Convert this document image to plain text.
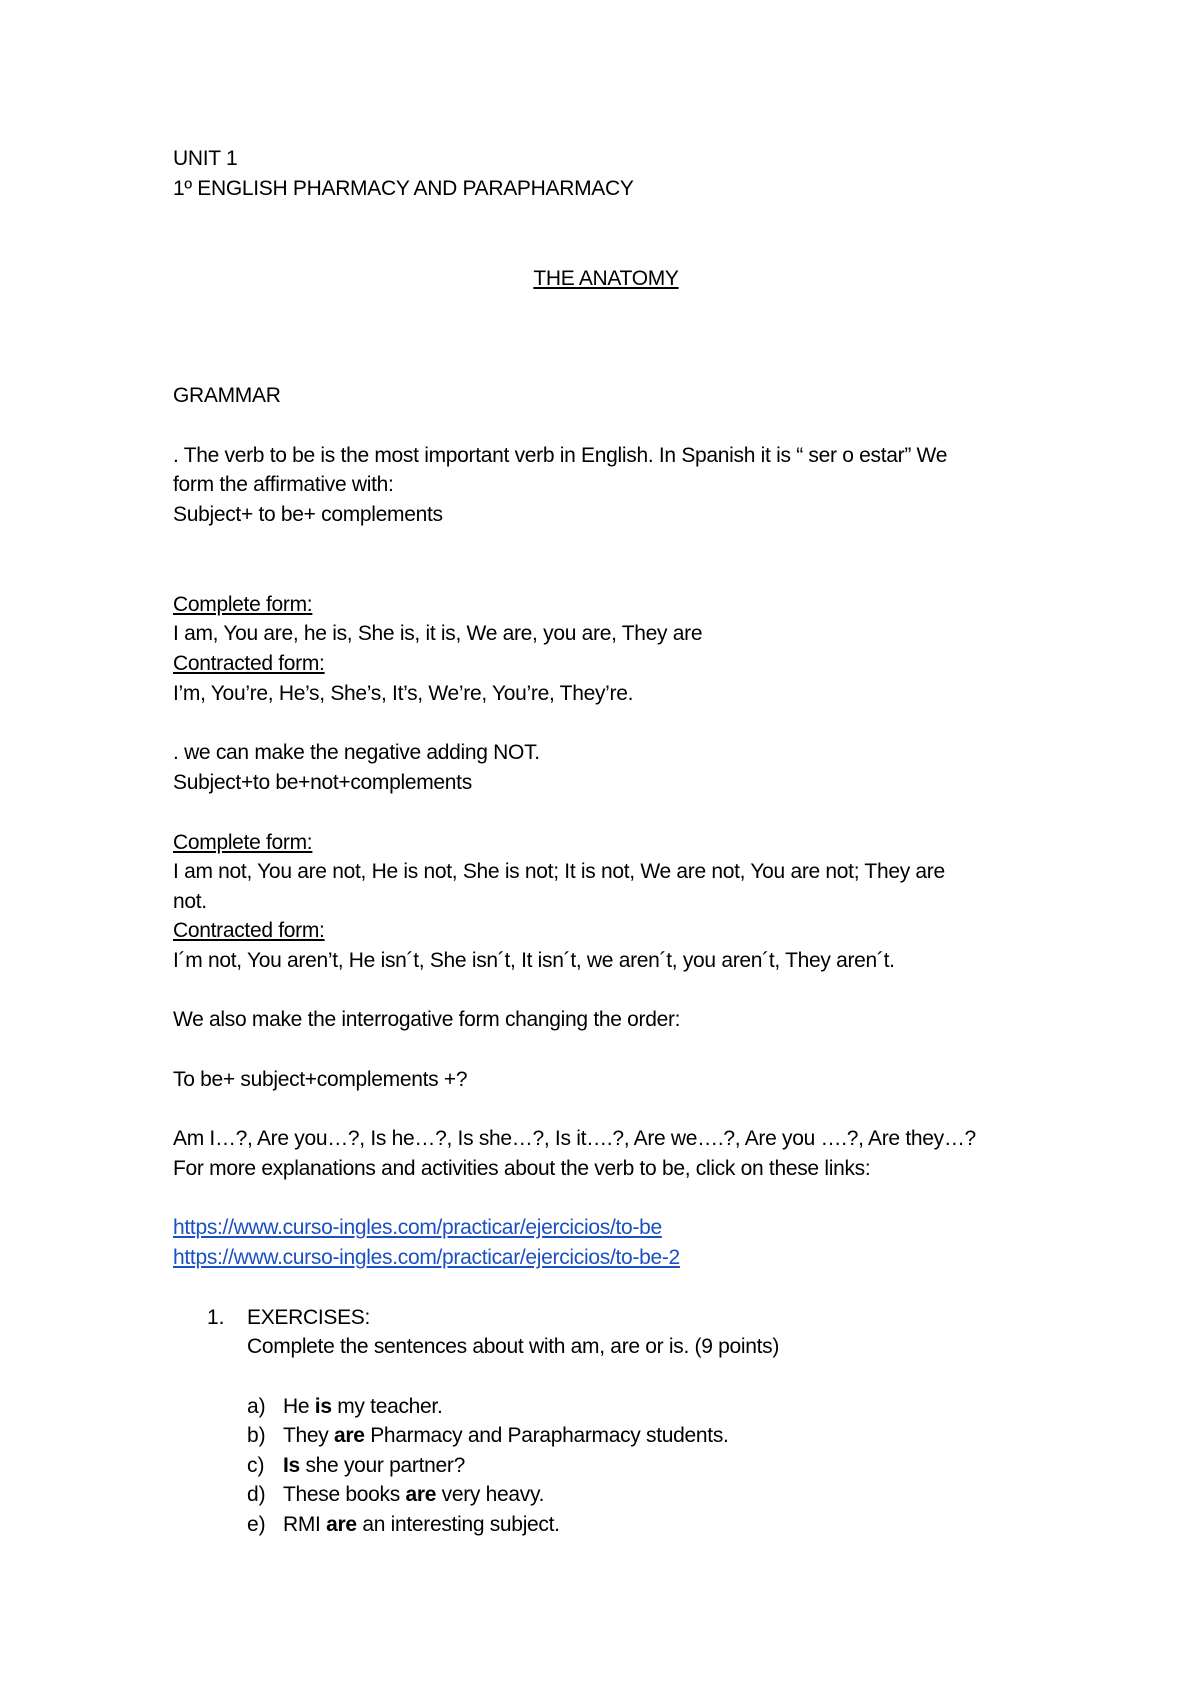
UNIT 1
1º ENGLISH PHARMACY AND PARAPHARMACY
THE ANATOMY
GRAMMAR
. The verb to be is the most important verb in English. In Spanish it is “ ser o estar” We
form the affirmative with:
Subject+ to be+ complements
Complete form:
I am, You are, he is, She is, it is, We are, you are, They are
Contracted form:
I’m, You’re, He’s, She’s, It’s, We’re, You’re, They’re.
. we can make the negative adding NOT.
Subject+to be+not+complements
Complete form:
I am not, You are not, He is not, She is not; It is not, We are not, You are not; They are
not.
Contracted form:
I´m not, You aren’t, He isn´t, She isn´t, It isn´t, we aren´t, you aren´t, They aren´t.
We also make the interrogative form changing the order:
To be+ subject+complements +?
Am I…?, Are you…?, Is he…?, Is she…?, Is it….?, Are we….?, Are you ….?, Are they…?
For more explanations and activities about the verb to be, click on these links:
https://www.curso-ingles.com/practicar/ejercicios/to-be
https://www.curso-ingles.com/practicar/ejercicios/to-be-2
1. EXERCISES:
Complete the sentences about with am, are or is. (9 points)
a) He is my teacher.
b) They are Pharmacy and Parapharmacy students.
c) Is she your partner?
d) These books are very heavy.
e) RMI are an interesting subject.
